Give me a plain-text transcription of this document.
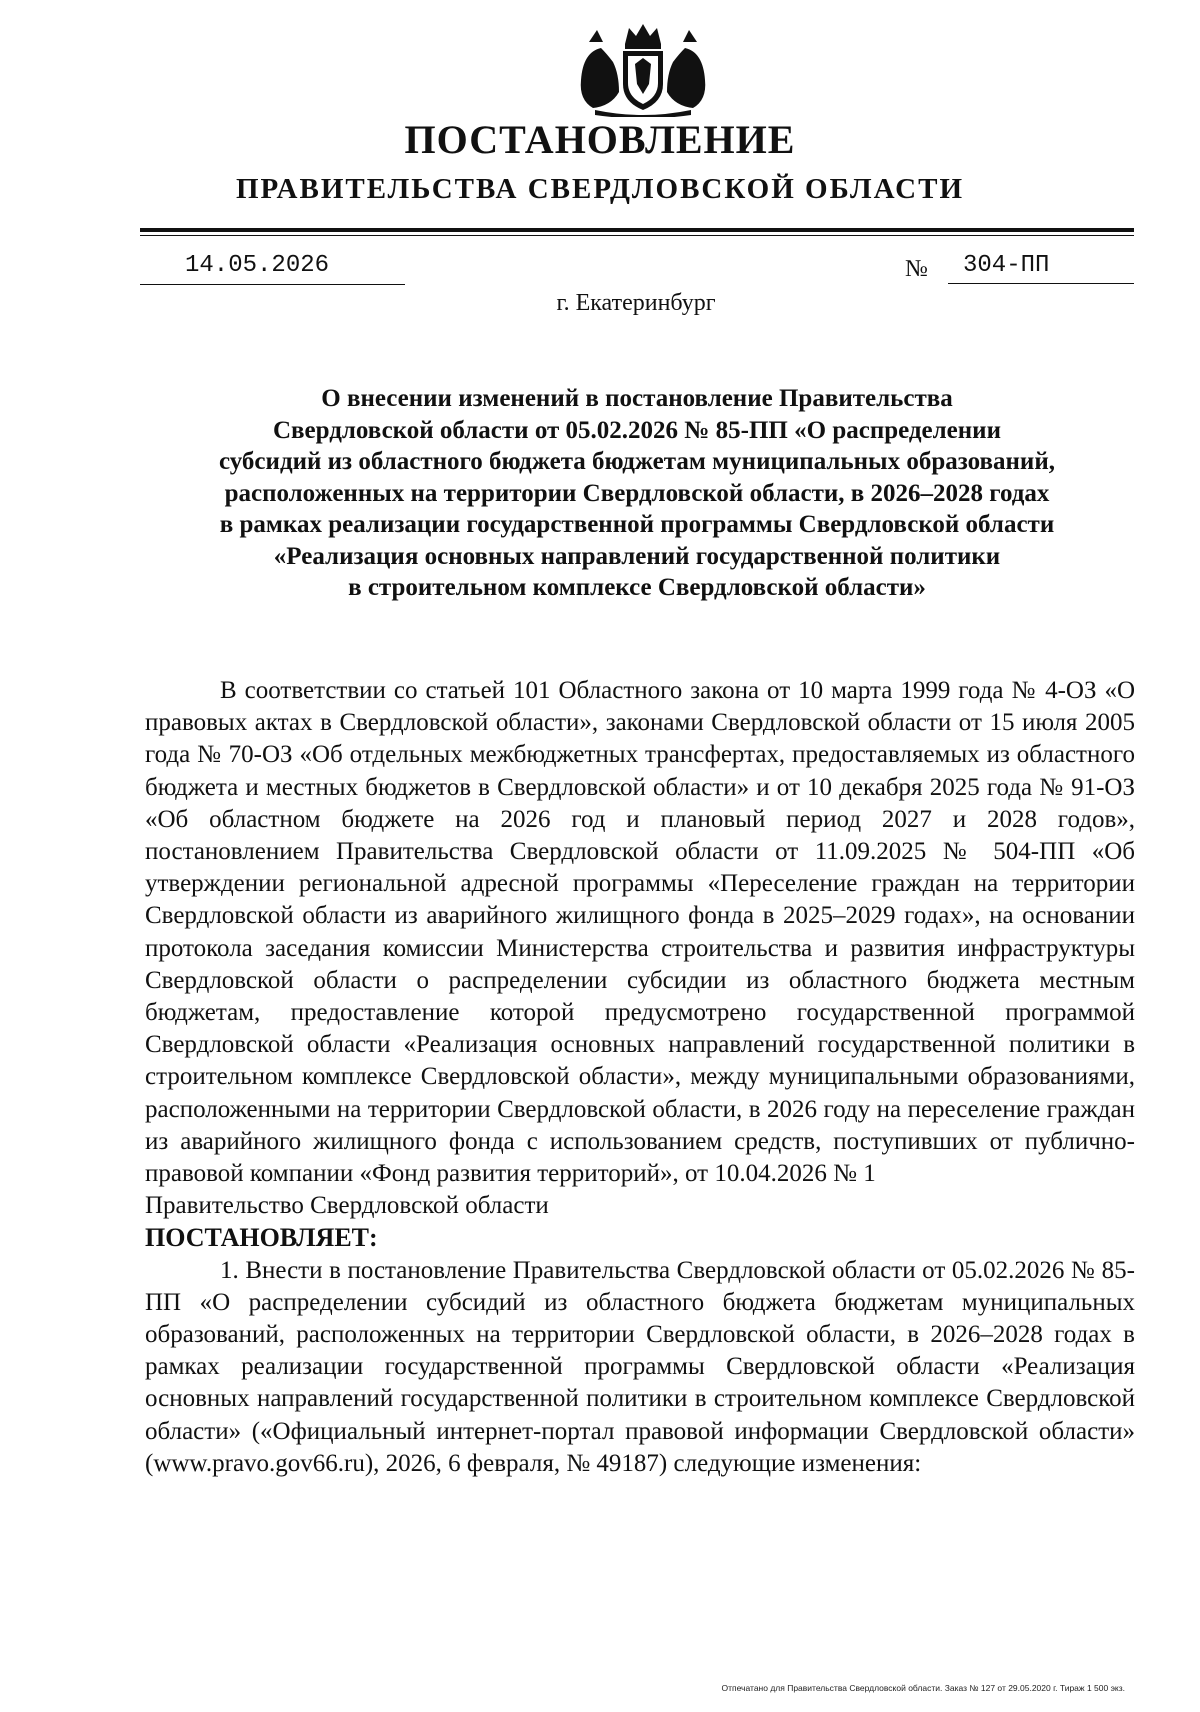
ПОСТАНОВЛЕНИЕ
ПРАВИТЕЛЬСТВА СВЕРДЛОВСКОЙ ОБЛАСТИ
14.05.2026	№ 304-ПП
г. Екатеринбург
О внесении изменений в постановление Правительства
Свердловской области от 05.02.2026 № 85-ПП «О распределении
субсидий из областного бюджета бюджетам муниципальных образований,
расположенных на территории Свердловской области, в 2026–2028 годах
в рамках реализации государственной программы Свердловской области
«Реализация основных направлений государственной политики
в строительном комплексе Свердловской области»

В соответствии со статьей 101 Областного закона от 10 марта 1999 года № 4-ОЗ «О правовых актах в Свердловской области», законами Свердловской области от 15 июля 2005 года № 70-ОЗ «Об отдельных межбюджетных трансфертах, предоставляемых из областного бюджета и местных бюджетов в Свердловской области» и от 10 декабря 2025 года № 91-ОЗ «Об областном бюджете на 2026 год и плановый период 2027 и 2028 годов», постановлением Правительства Свердловской области от 11.09.2025 № 504-ПП «Об утверждении региональной адресной программы «Переселение граждан на территории Свердловской области из аварийного жилищного фонда в 2025–2029 годах», на основании протокола заседания комиссии Министерства строительства и развития инфраструктуры Свердловской области о распределении субсидии из областного бюджета местным бюджетам, предоставление которой предусмотрено государственной программой Свердловской области «Реализация основных направлений государственной политики в строительном комплексе Свердловской области», между муниципальными образованиями, расположенными на территории Свердловской области, в 2026 году на переселение граждан из аварийного жилищного фонда с использованием средств, поступивших от публично-правовой компании «Фонд развития территорий», от 10.04.2026 № 1

Правительство Свердловской области

ПОСТАНОВЛЯЕТ:

1. Внести в постановление Правительства Свердловской области от 05.02.2026 № 85-ПП «О распределении субсидий из областного бюджета бюджетам муниципальных образований, расположенных на территории Свердловской области, в 2026–2028 годах в рамках реализации государственной программы Свердловской области «Реализация основных направлений государственной политики в строительном комплексе Свердловской области» («Официальный интернет-портал правовой информации Свердловской области» (www.pravo.gov66.ru), 2026, 6 февраля, № 49187) следующие изменения:

Отпечатано для Правительства Свердловской области. Заказ № 127 от 29.05.2020 г. Тираж 1 500 экз.
